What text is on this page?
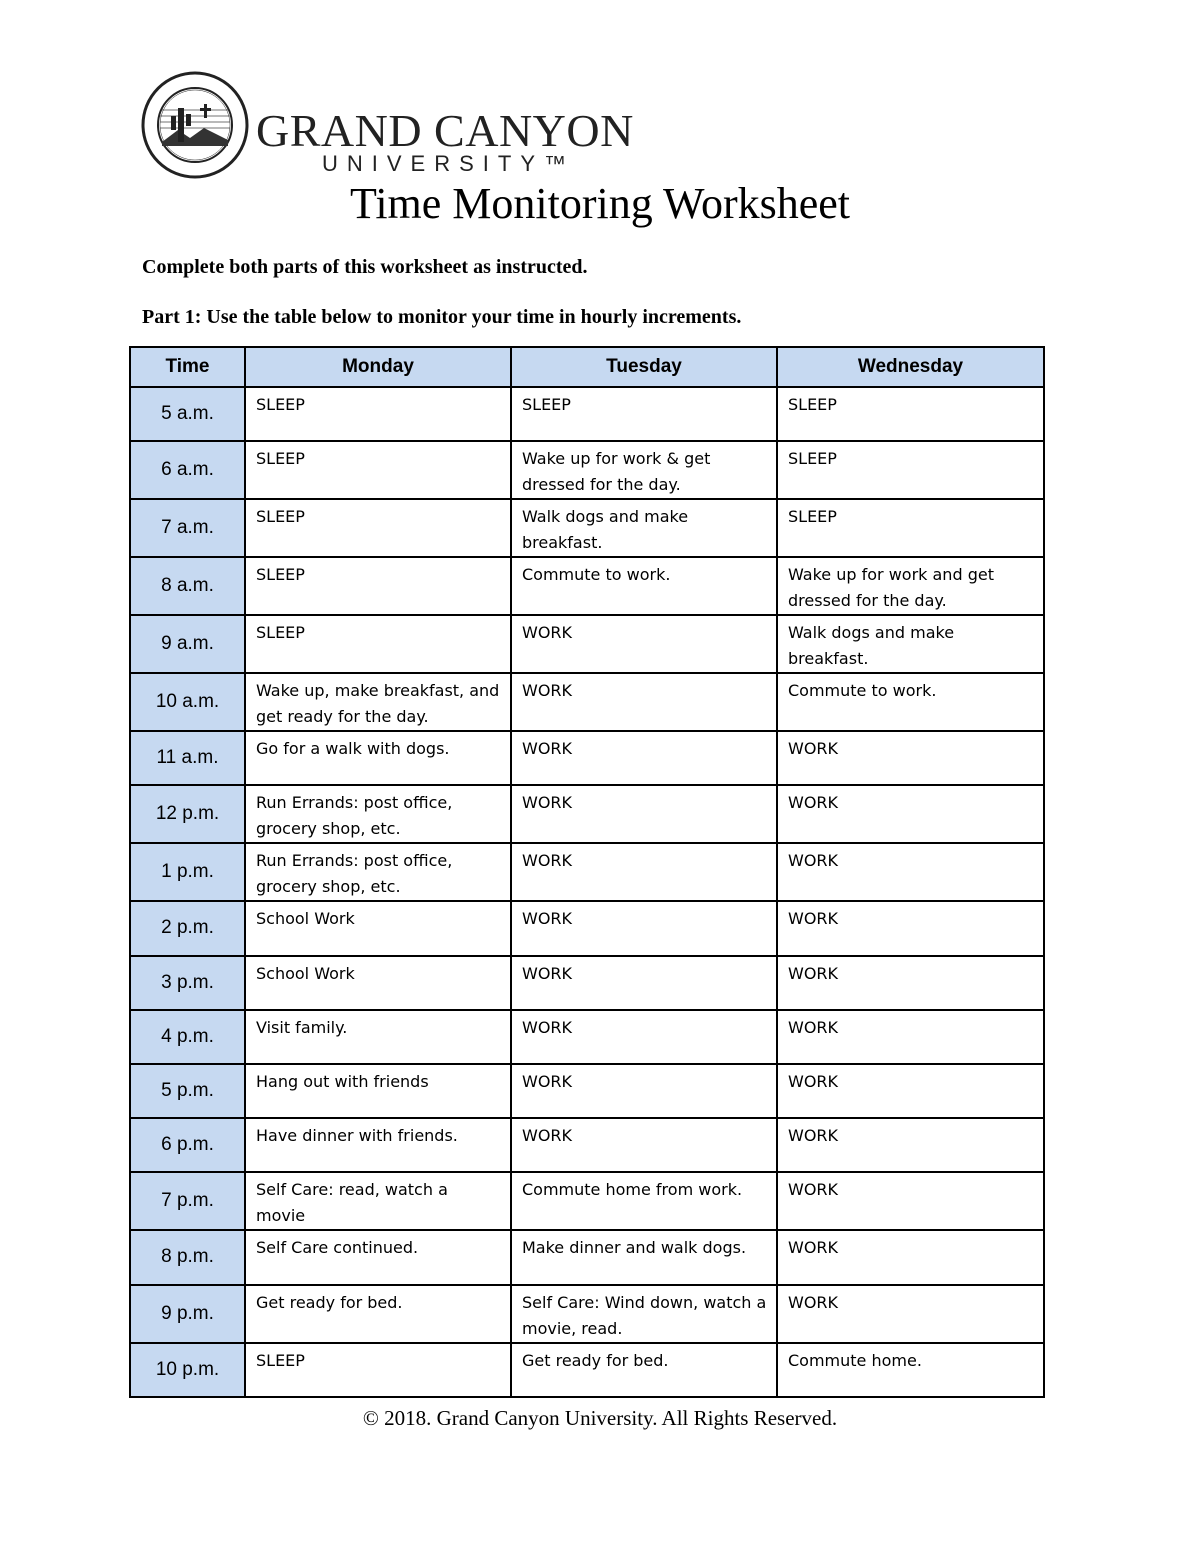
GRAND CANYON
UNIVERSITY™
Time Monitoring Worksheet
Complete both parts of this worksheet as instructed.
Part 1: Use the table below to monitor your time in hourly increments.
Time	Monday	Tuesday	Wednesday
5 a.m.	SLEEP	SLEEP	SLEEP
6 a.m.	SLEEP	Wake up for work & get dressed for the day.	SLEEP
7 a.m.	SLEEP	Walk dogs and make breakfast.	SLEEP
8 a.m.	SLEEP	Commute to work.	Wake up for work and get dressed for the day.
9 a.m.	SLEEP	WORK	Walk dogs and make breakfast.
10 a.m.	Wake up, make breakfast, and get ready for the day.	WORK	Commute to work.
11 a.m.	Go for a walk with dogs.	WORK	WORK
12 p.m.	Run Errands: post office, grocery shop, etc.	WORK	WORK
1 p.m.	Run Errands: post office, grocery shop, etc.	WORK	WORK
2 p.m.	School Work	WORK	WORK
3 p.m.	School Work	WORK	WORK
4 p.m.	Visit family.	WORK	WORK
5 p.m.	Hang out with friends	WORK	WORK
6 p.m.	Have dinner with friends.	WORK	WORK
7 p.m.	Self Care: read, watch a movie	Commute home from work.	WORK
8 p.m.	Self Care continued.	Make dinner and walk dogs.	WORK
9 p.m.	Get ready for bed.	Self Care: Wind down, watch a movie, read.	WORK
10 p.m.	SLEEP	Get ready for bed.	Commute home.
© 2018. Grand Canyon University. All Rights Reserved.
